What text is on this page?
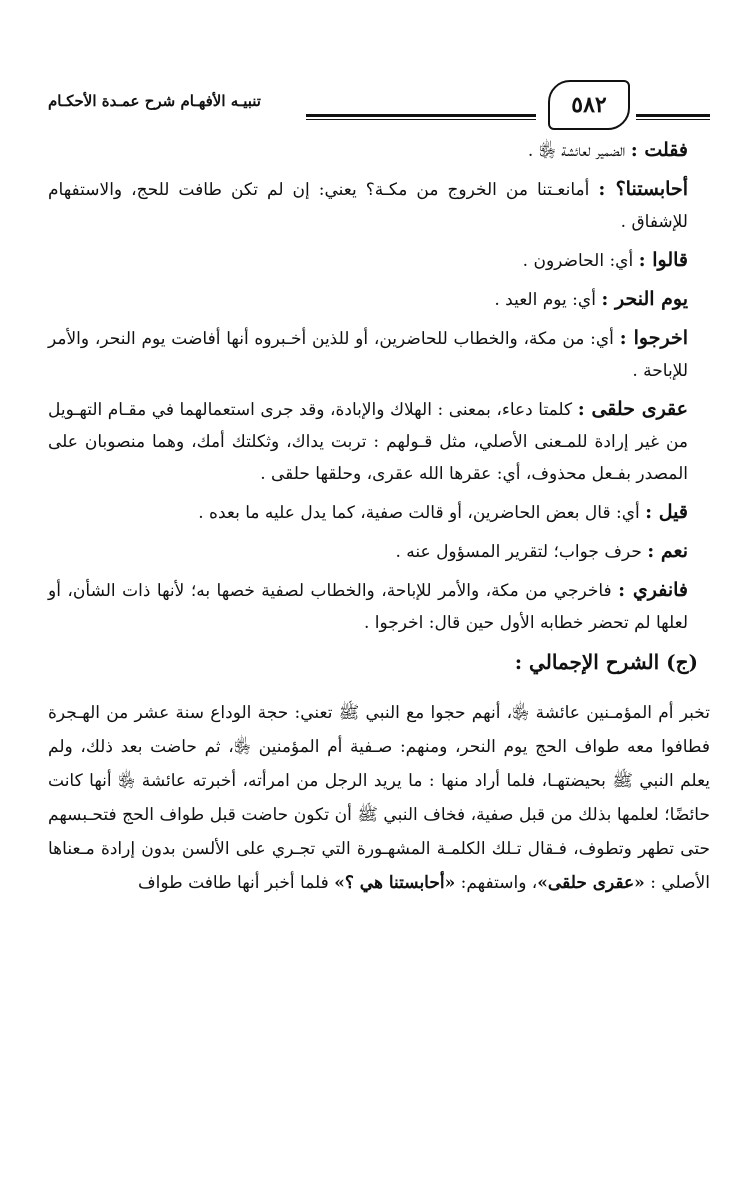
تنبيـه الأفهـام شرح عمـدة الأحكـام	٥٨٢

فقلت : الضمير لعائشة ﵂ .

أحابستنا؟ : أمانعـتنا من الخروج من مكـة؟ يعني: إن لم تكن طافت للحج، والاستفهام للإشفاق .

قالوا : أي: الحاضرون .

يوم النحر : أي: يوم العيد .

اخرجوا : أي: من مكة، والخطاب للحاضرين، أو للذين أخـبروه أنها أفاضت يوم النحر، والأمر للإباحة .

عقرى حلقى : كلمتا دعاء، بمعنى : الهلاك والإبادة، وقد جرى استعمالهما في مقـام التهـويل من غير إرادة للمـعنى الأصلي، مثل قـولهم : تربت يداك، وثكلتك أمك، وهما منصوبان على المصدر بفـعل محذوف، أي: عقرها الله عقرى، وحلقها حلقى .

قيل : أي: قال بعض الحاضرين، أو قالت صفية، كما يدل عليه ما بعده .

نعم : حرف جواب؛ لتقرير المسؤول عنه .

فانفري : فاخرجي من مكة، والأمر للإباحة، والخطاب لصفية خصها به؛ لأنها ذات الشأن، أو لعلها لم تحضر خطابه الأول حين قال: اخرجوا .

(ج) الشرح الإجمالي :

تخبر أم المؤمـنين عائشة ﵂، أنهم حجوا مع النبي ﷺ تعني: حجة الوداع سنة عشر من الهـجرة فطافوا معه طواف الحج يوم النحر، ومنهم: صـفية أم المؤمنين ﵂، ثم حاضت بعد ذلك، ولم يعلم النبي ﷺ بحيضتهـا، فلما أراد منها : ما يريد الرجل من امرأته، أخبرته عائشة ﵂ أنها كانت حائضًا؛ لعلمها بذلك من قبل صفية، فخاف النبي ﷺ أن تكون حاضت قبل طواف الحج فتحـبسهم حتى تطهر وتطوف، فـقال تـلك الكلمـة المشهـورة التي تجـري على الألسن بدون إرادة مـعناها الأصلي : «عقرى حلقى»، واستفهم: «أحابستنا هي ؟» فلما أخبر أنها طافت طواف
